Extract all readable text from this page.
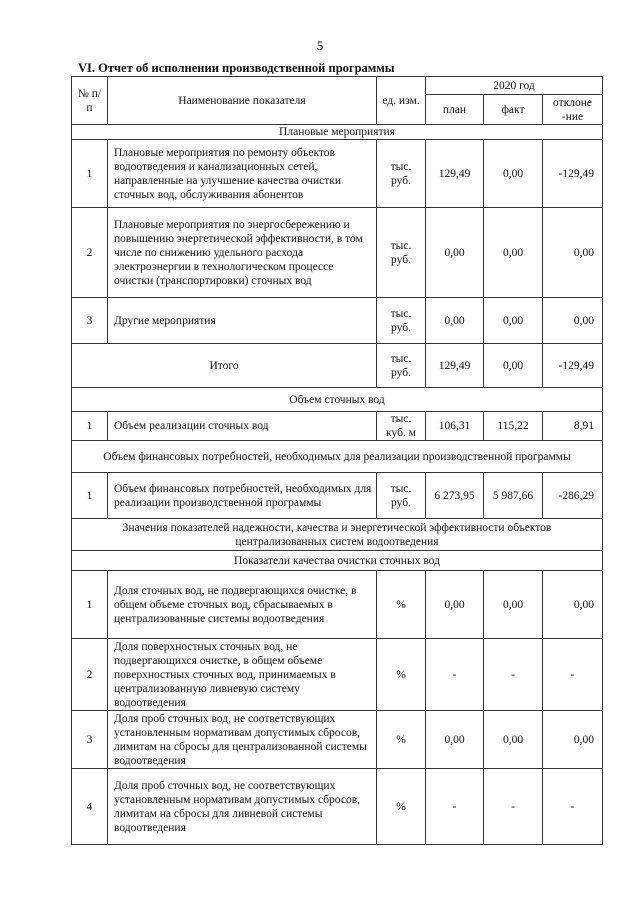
5
VI. Отчет об исполнении производственной программы
№ п/п	Наименование показателя	ед. изм.	2020 год		
			план	факт	отклоне -ние
Плановые мероприятия					
1	Плановые мероприятия по ремонту объектов водоотведения и канализационных сетей, направленные на улучшение качества очистки сточных вод, обслуживания абонентов	тыс. руб.	129,49	0,00	-129,49
2	Плановые мероприятия по энергосбережению и повышению энергетической эффективности, в том числе по снижению удельного расхода электроэнергии в технологическом процессе очистки (транспортировки) сточных вод	тыс. руб.	0,00	0,00	0,00
3	Другие мероприятия	тыс. руб.	0,00	0,00	0,00
Итого		тыс. руб.	129,49	0,00	-129,49
Объем сточных вод					
1	Объем реализации сточных вод	тыс. куб. м	106,31	115,22	8,91
Объем финансовых потребностей, необходимых для реализации производственной программы					
1	Объем финансовых потребностей, необходимых для реализации производственной программы	тыс. руб.	6 273,95	5 987,66	-286,29
Значения показателей надежности, качества и энергетической эффективности объектов централизованных систем водоотведения					
Показатели качества очистки сточных вод					
1	Доля сточных вод, не подвергающихся очистке, в общем объеме сточных вод, сбрасываемых в централизованные системы водоотведения	%	0,00	0,00	0,00
2	Доля поверхностных сточных вод, не подвергающихся очистке, в общем объеме поверхностных сточных вод, принимаемых в централизованную ливневую систему водоотведения	%	-	-	-
3	Доля проб сточных вод, не соответствующих установленным нормативам допустимых сбросов, лимитам на сбросы для централизованной системы водоотведения	%	0,00	0,00	0,00
4	Доля проб сточных вод, не соответствующих установленным нормативам допустимых сбросов, лимитам на сбросы для ливневой системы водоотведения	%	-	-	-
